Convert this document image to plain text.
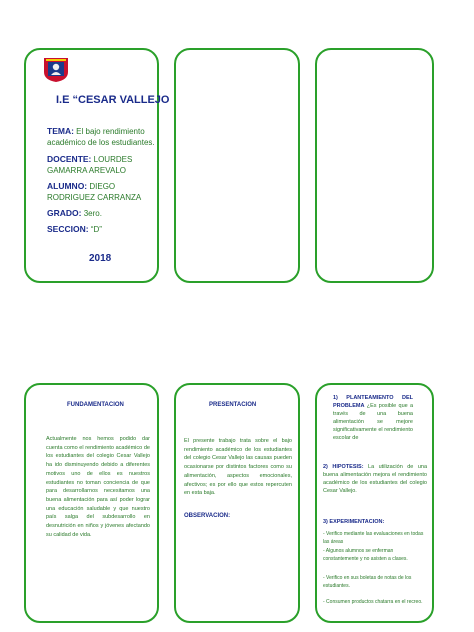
I.E “CESAR VALLEJO
TEMA: El bajo rendimiento académico de los estudiantes.
DOCENTE: LOURDES GAMARRA AREVALO
ALUMNO: DIEGO RODRIGUEZ CARRANZA
GRADO: 3ero.
SECCION: “D”
2018
FUNDAMENTACION
Actualmente nos hemos podido dar cuenta como el rendimiento académico de los estudiantes del colegio Cesar Vallejo ha ido disminuyendo debido a diferentes motivos uno de ellos es nuestros estudiantes no toman conciencia de que para desarrollarnos necesitamos una buena alimentación para así poder lograr una educación saludable y que nuestro país salga del subdesarrollo en desnutrición en niños y jóvenes afectando su calidad de vida.
PRESENTACION
El presente trabajo trata sobre el bajo rendimiento académico de los estudiantes del colegio Cesar Vallejo las causas pueden ocasionarse por distintos factores como su alimentación, aspectos emocionales, afectivos; es por ello que estos repercuten en esta baja.
OBSERVACION:
1) PLANTEAMIENTO DEL PROBLEMA ¿Es posible que a través de una buena alimentación se mejore significativamente el rendimiento escolar de
2) HIPOTESIS: La utilización de una buena alimentación mejora el rendimiento académico de los estudiantes del colegio Cesar Vallejo.
3) EXPERIMENTACION:
- Verifico mediante las evaluaciones en todas las áreas
- Algunos alumnos se enferman constantemente y no asisten a clases.
- Verifico en sus boletas de notas de los estudiantes.
- Consumen productos chatarra en el recreo.
